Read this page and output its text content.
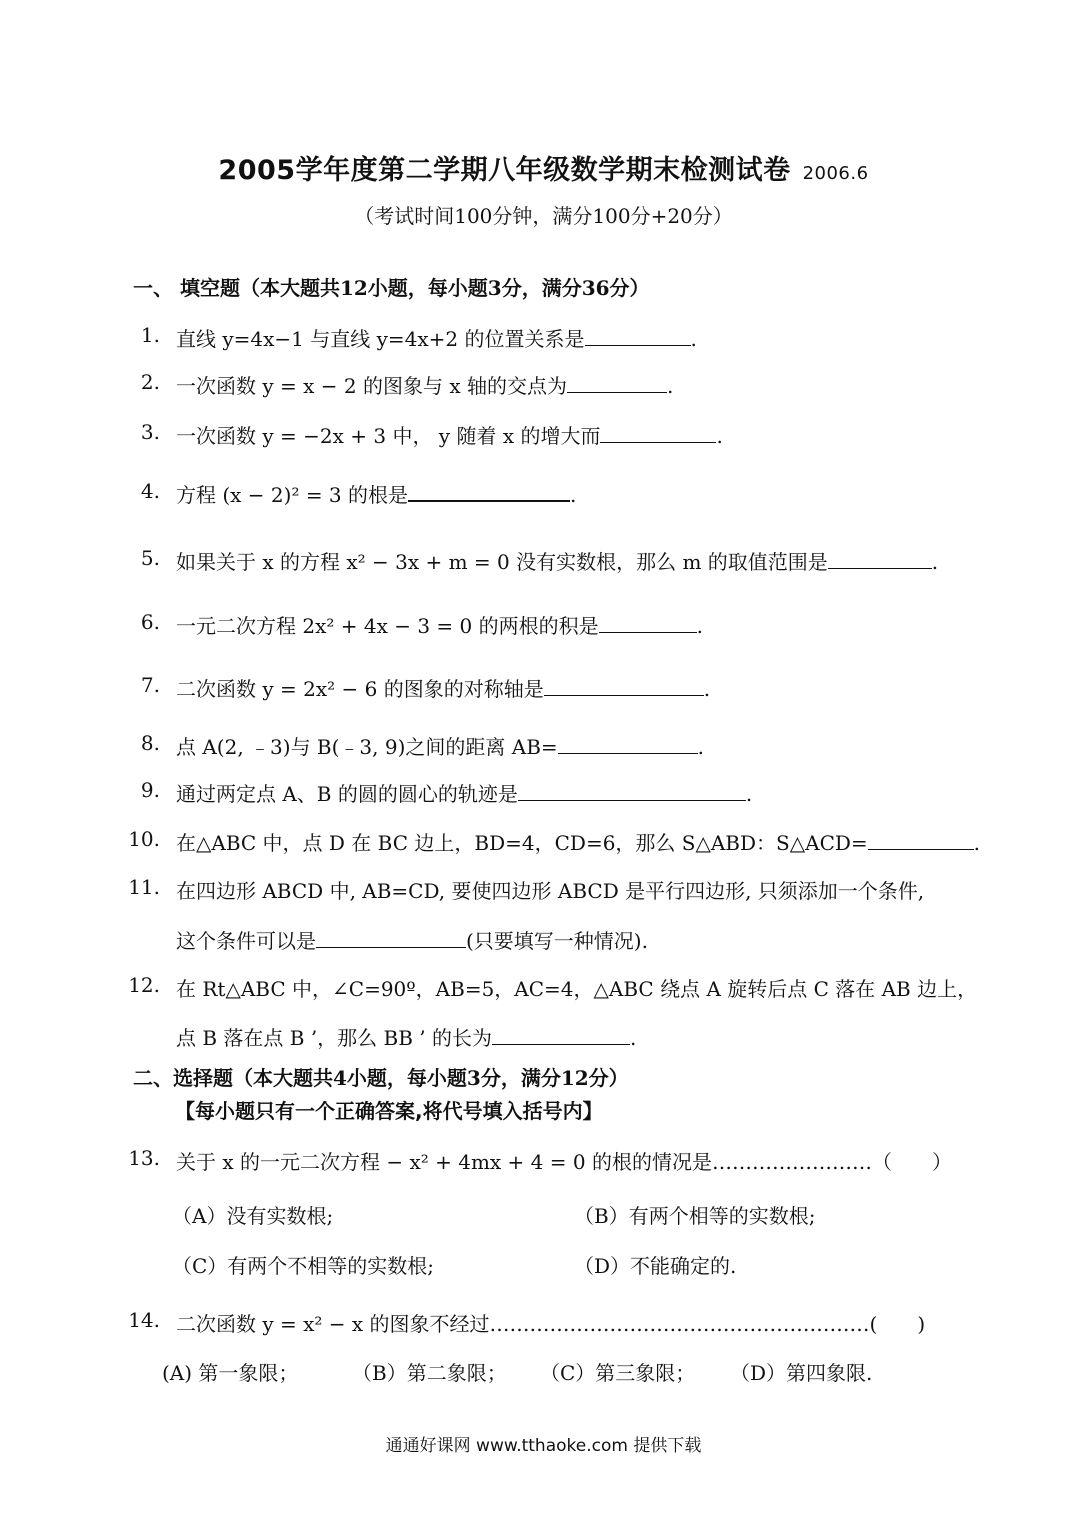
2005学年度第二学期八年级数学期末检测试卷 2006.6
（考试时间100分钟，满分100分+20分）
一、 填空题（本大题共12小题，每小题3分，满分36分）
1. 直线 y=4x−1 与直线 y=4x+2 的位置关系是	.
2. 一次函数 y = x − 2 的图象与 x 轴的交点为	.
3. 一次函数 y = −2x + 3 中， y 随着 x 的增大而	.
4. 方程 (x − 2)² = 3 的根是	.
5. 如果关于 x 的方程 x² − 3x + m = 0 没有实数根，那么 m 的取值范围是	.
6. 一元二次方程 2x² + 4x − 3 = 0 的两根的积是	.
7. 二次函数 y = 2x² − 6 的图象的对称轴是	.
8. 点 A(2, ﹣3)与 B(﹣3, 9)之间的距离 AB=	.
9. 通过两定点 A、B 的圆的圆心的轨迹是	.
10. 在△ABC 中，点 D 在 BC 边上，BD=4，CD=6，那么 S△ABD：S△ACD=	.
11. 在四边形 ABCD 中, AB=CD, 要使四边形 ABCD 是平行四边形, 只须添加一个条件,
这个条件可以是	(只要填写一种情况).
12. 在 Rt△ABC 中，∠C=90º，AB=5，AC=4，△ABC 绕点 A 旋转后点 C 落在 AB 边上，
点 B 落在点 B ’，那么 BB ’ 的长为	.
二、选择题（本大题共4小题，每小题3分，满分12分）
【每小题只有一个正确答案,将代号填入括号内】
13. 关于 x 的一元二次方程 − x² + 4mx + 4 = 0 的根的情况是……………………（　　）
（A）没有实数根;	（B）有两个相等的实数根;
（C）有两个不相等的实数根;	（D）不能确定的.
14. 二次函数 y = x² − x 的图象不经过…………………………………………………(　　)
(A) 第一象限；	（B）第二象限； （C）第三象限； （D）第四象限.
通通好课网 www.tthaoke.com 提供下载
